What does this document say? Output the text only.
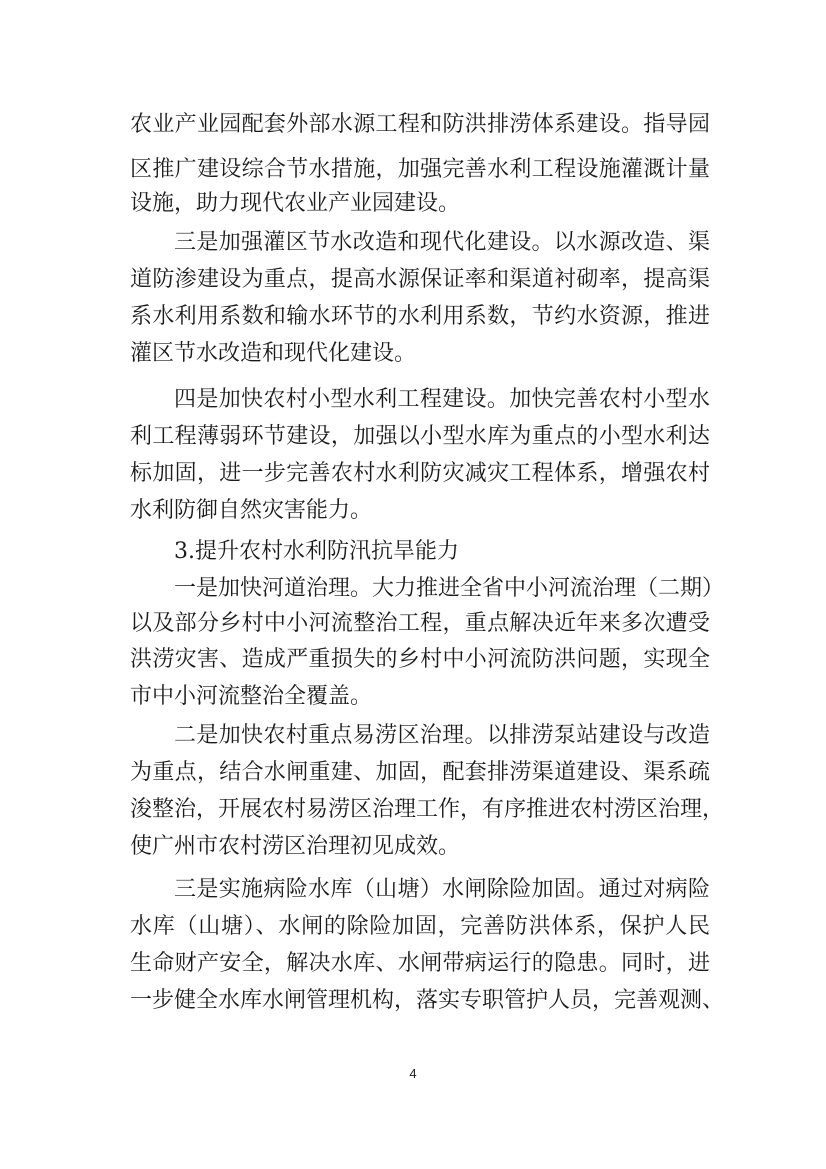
农业产业园配套外部水源工程和防洪排涝体系建设。指导园
区推广建设综合节水措施，加强完善水利工程设施灌溉计量
设施，助力现代农业产业园建设。
三是加强灌区节水改造和现代化建设。以水源改造、渠
道防渗建设为重点，提高水源保证率和渠道衬砌率，提高渠
系水利用系数和输水环节的水利用系数，节约水资源，推进
灌区节水改造和现代化建设。
四是加快农村小型水利工程建设。加快完善农村小型水
利工程薄弱环节建设，加强以小型水库为重点的小型水利达
标加固，进一步完善农村水利防灾减灾工程体系，增强农村
水利防御自然灾害能力。
3.提升农村水利防汛抗旱能力
一是加快河道治理。大力推进全省中小河流治理（二期）
以及部分乡村中小河流整治工程，重点解决近年来多次遭受
洪涝灾害、造成严重损失的乡村中小河流防洪问题，实现全
市中小河流整治全覆盖。
二是加快农村重点易涝区治理。以排涝泵站建设与改造
为重点，结合水闸重建、加固，配套排涝渠道建设、渠系疏
浚整治，开展农村易涝区治理工作，有序推进农村涝区治理，
使广州市农村涝区治理初见成效。
三是实施病险水库（山塘）水闸除险加固。通过对病险
水库（山塘）、水闸的除险加固，完善防洪体系，保护人民
生命财产安全，解决水库、水闸带病运行的隐患。同时，进
一步健全水库水闸管理机构，落实专职管护人员，完善观测、
4
